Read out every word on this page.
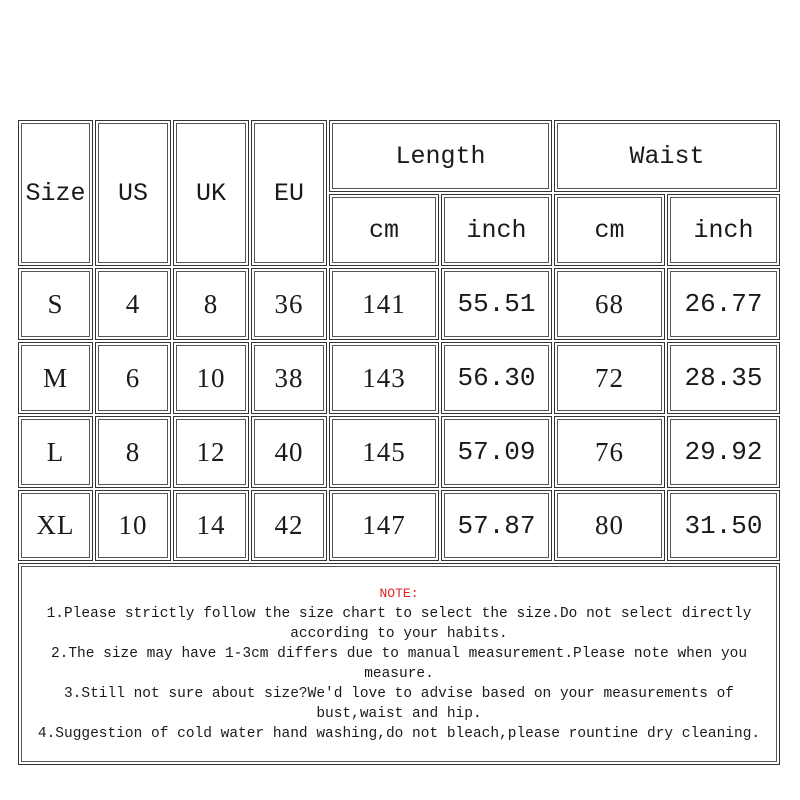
Size US UK EU
Length	Waist
cm	inch	cm	inch
S 4 8 36 141 55.51 68 26.77
M 6 10 38 143 56.30 72 28.35
L 8 12 40 145 57.09 76 29.92
XL 10 14 42 147 57.87 80 31.50
NOTE:
1.Please strictly follow the size chart to select the size.Do not select directly
according to your habits.
2.The size may have 1-3cm differs due to manual measurement.Please note when you
measure.
3.Still not sure about size?We'd love to advise based on your measurements of
bust,waist and hip.
4.Suggestion of cold water hand washing,do not bleach,please rountine dry cleaning.
